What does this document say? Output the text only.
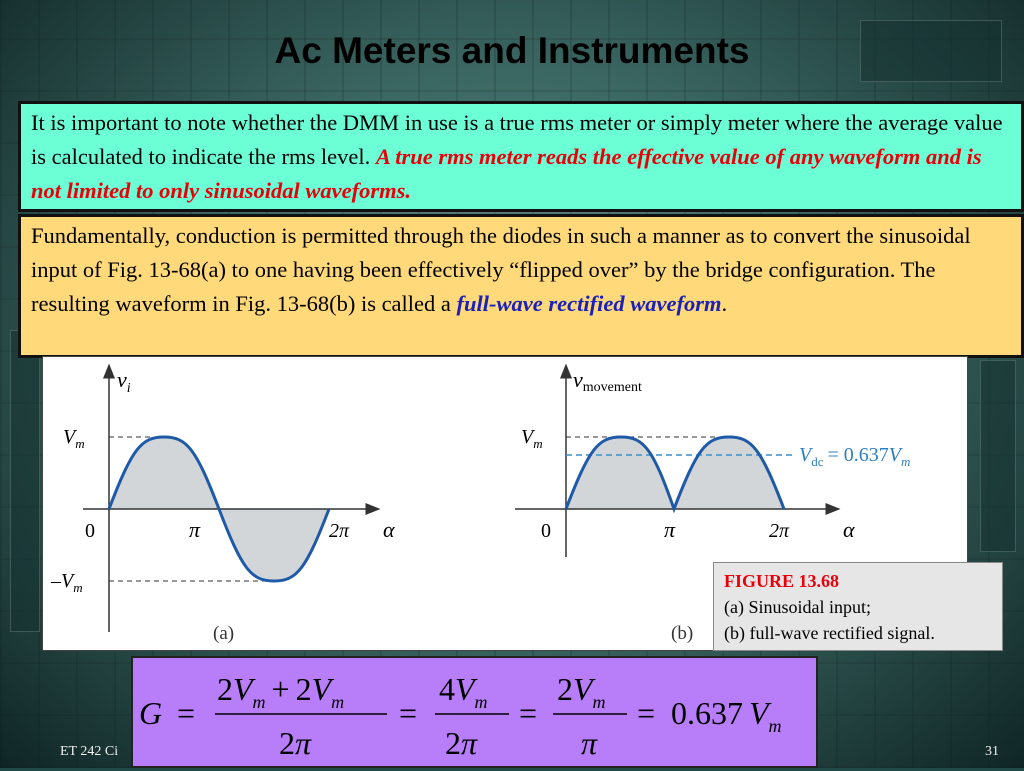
Ac Meters and Instruments
It is important to note whether the DMM in use is a true rms meter or simply meter where the average value is calculated to indicate the rms level. A true rms meter reads the effective value of any waveform and is not limited to only sinusoidal waveforms.
Fundamentally, conduction is permitted through the diodes in such a manner as to convert the sinusoidal input of Fig. 13-68(a) to one having been effectively “flipped over” by the bridge configuration. The resulting waveform in Fig. 13-68(b) is called a full-wave rectified waveform.
$v_i$
$V_m$
$-V_m$
0	π	2π α
(a)
vmovement
$V_m$
$V_{dc} = 0.637V_m$
0	π	2π α
(b)
FIGURE 13.68
(a) Sinusoidal input;
(b) full-wave rectified signal.
G =
$2V_m + 2V_m$
2π
=
$4V_m$
2π
=
$2V_m$
π
= 0.637 $V_m$
ET 242 Ci	31
